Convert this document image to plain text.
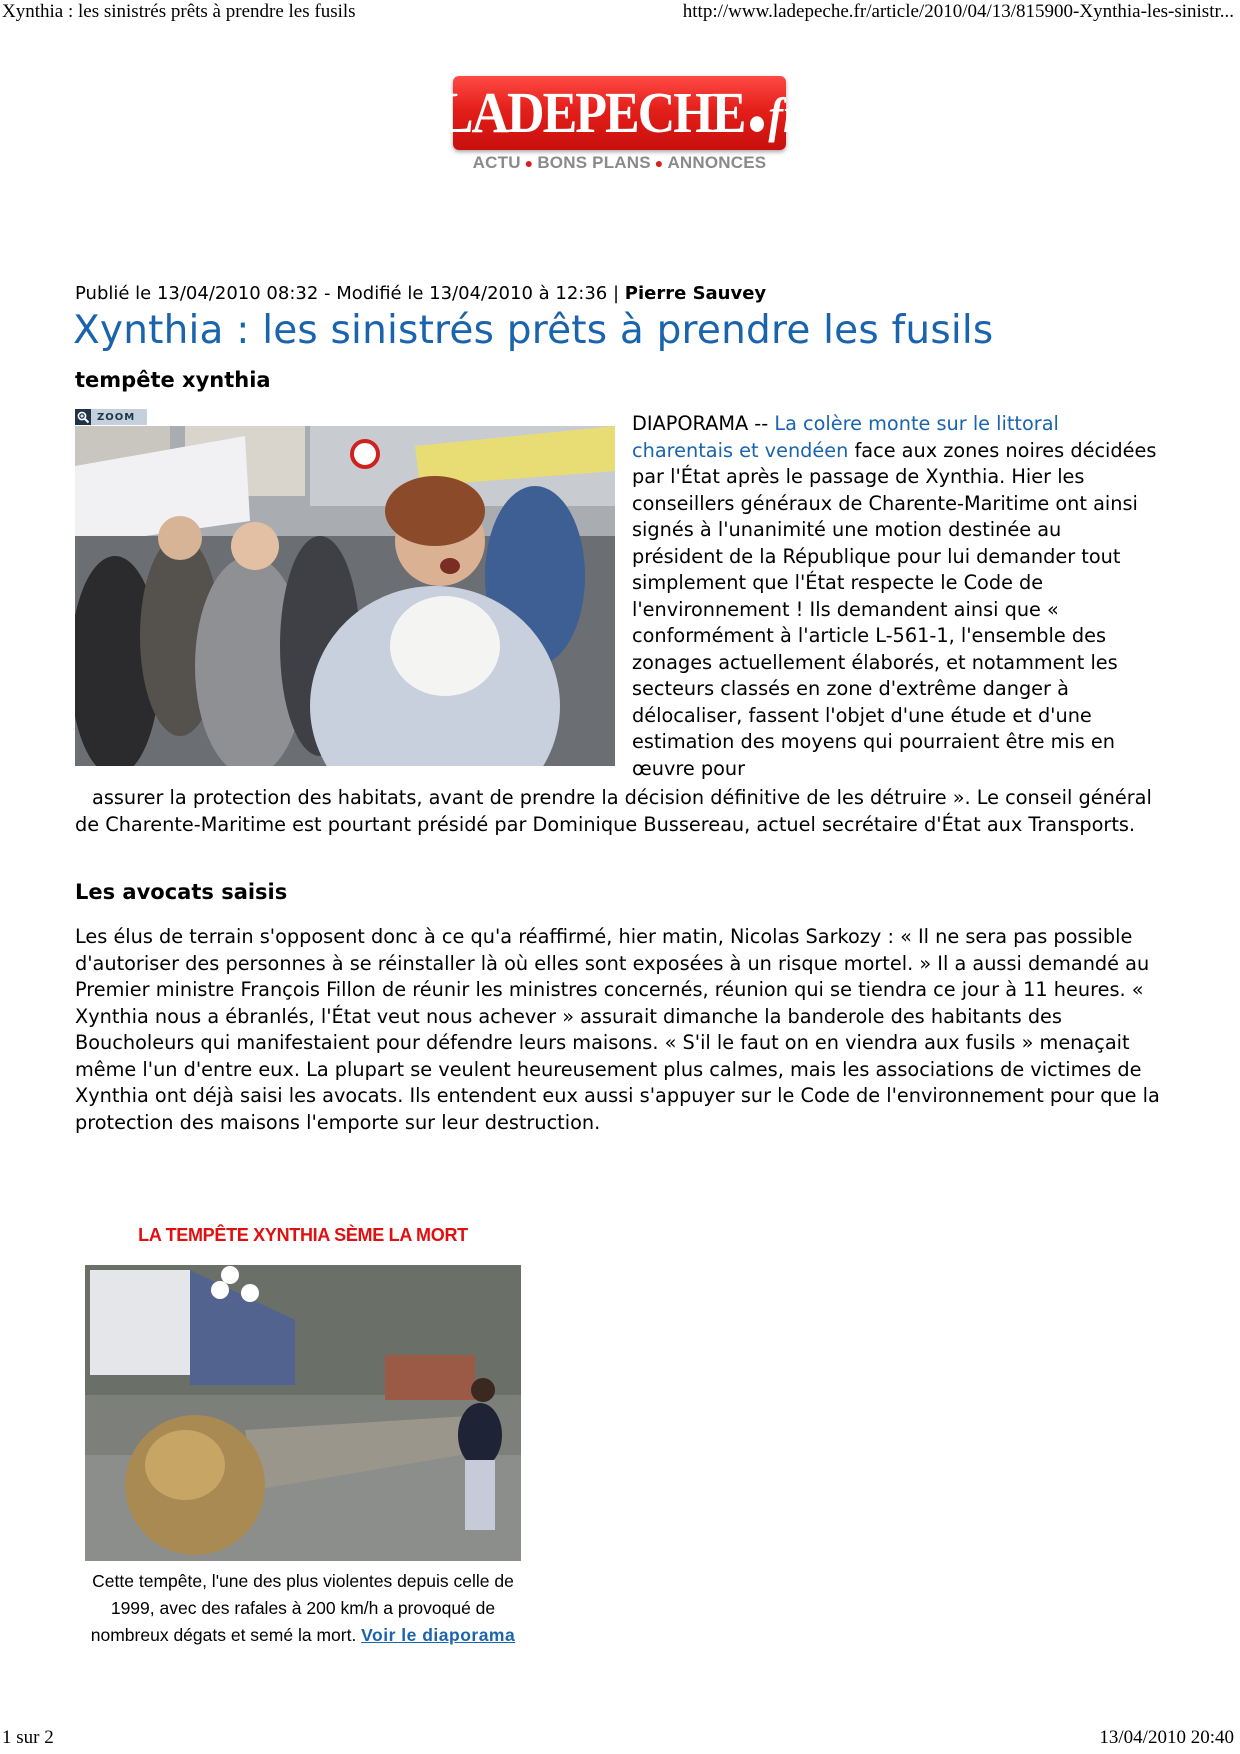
Xynthia : les sinistrés prêts à prendre les fusils	http://www.ladepeche.fr/article/2010/04/13/815900-Xynthia-les-sinistr...
LADEPECHE fr
ACTU ● BONS PLANS ● ANNONCES
Publié le 13/04/2010 08:32 - Modifié le 13/04/2010 à 12:36 | Pierre Sauvey
Xynthia : les sinistrés prêts à prendre les fusils
tempête xynthia
ZOOM	DIAPORAMA -- La colère monte sur le littoral charentais et vendéen face aux zones noires décidées par l'État après le passage de Xynthia. Hier les conseillers généraux de Charente-Maritime ont ainsi signés à l'unanimité une motion destinée au président de la République pour lui demander tout simplement que l'État respecte le Code de l'environnement ! Ils demandent ainsi que « conformément à l'article L-561-1, l'ensemble des zonages actuellement élaborés, et notamment les secteurs classés en zone d'extrême danger à délocaliser, fassent l'objet d'une étude et d'une estimation des moyens qui pourraient être mis en œuvre pour
assurer la protection des habitats, avant de prendre la décision définitive de les détruire ». Le conseil général de Charente-Maritime est pourtant présidé par Dominique Bussereau, actuel secrétaire d'État aux Transports.
Les avocats saisis
Les élus de terrain s'opposent donc à ce qu'a réaffirmé, hier matin, Nicolas Sarkozy : « Il ne sera pas possible d'autoriser des personnes à se réinstaller là où elles sont exposées à un risque mortel. » Il a aussi demandé au Premier ministre François Fillon de réunir les ministres concernés, réunion qui se tiendra ce jour à 11 heures. « Xynthia nous a ébranlés, l'État veut nous achever » assurait dimanche la banderole des habitants des Boucholeurs qui manifestaient pour défendre leurs maisons. « S'il le faut on en viendra aux fusils » menaçait même l'un d'entre eux. La plupart se veulent heureusement plus calmes, mais les associations de victimes de Xynthia ont déjà saisi les avocats. Ils entendent eux aussi s'appuyer sur le Code de l'environnement pour que la protection des maisons l'emporte sur leur destruction.
LA TEMPÊTE XYNTHIA SÈME LA MORT
Cette tempête, l'une des plus violentes depuis celle de 1999, avec des rafales à 200 km/h a provoqué de nombreux dégats et semé la mort. Voir le diaporama
1 sur 2	13/04/2010 20:40
